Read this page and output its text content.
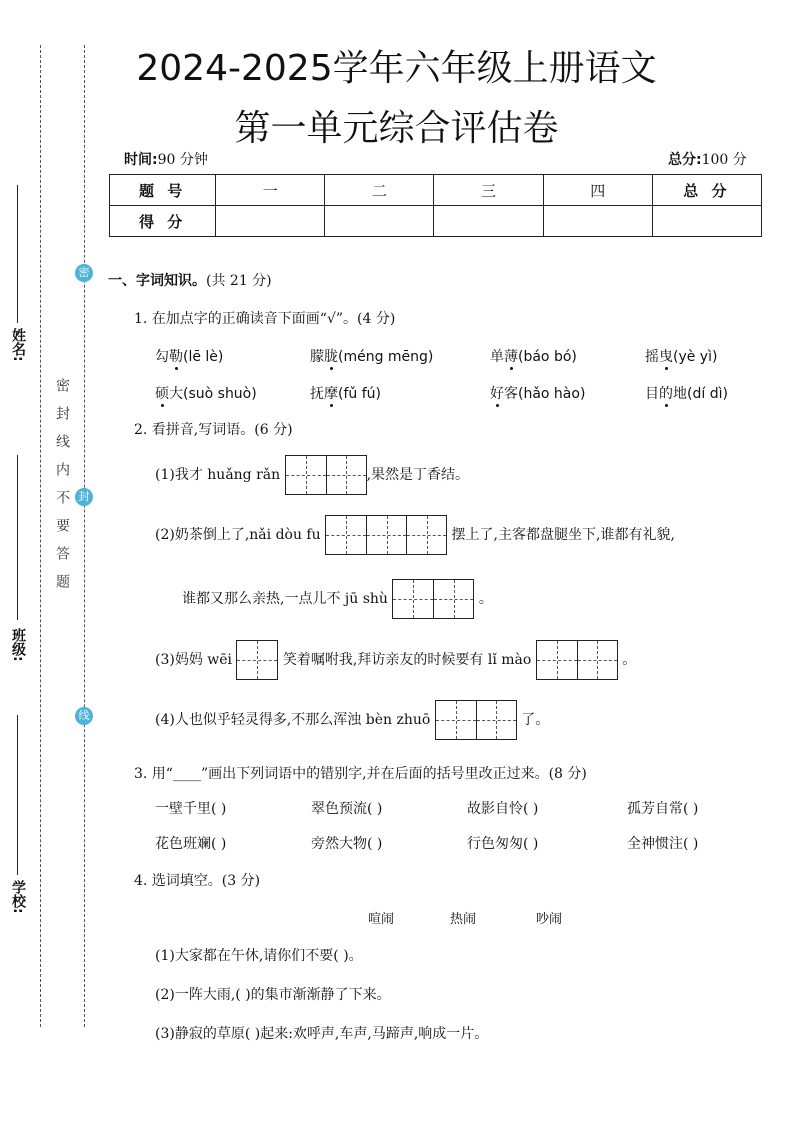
姓名:
班级:
学校:
密封线内不要答题
密
封
线
2024-2025学年六年级上册语文
第一单元综合评估卷
时间:90 分钟	总分:100 分
题 号	一	二	三	四	总 分
得 分					
一、字词知识。(共 21 分)
1. 在加点字的正确读音下面画“√”。(4 分)
勾勒(lē lè)	朦胧(méng mēng)	单薄(báo bó)	摇曳(yè yì)
硕大(suò shuò)	抚摩(fǔ fú)	好客(hǎo hào)	目的地(dí dì)
2. 看拼音,写词语。(6 分)
(1)我才 huǎng rǎn	,果然是丁香结。
(2)奶茶倒上了,nǎi dòu fu	摆上了,主客都盘腿坐下,谁都有礼貌,
谁都又那么亲热,一点儿不 jū shù	。
(3)妈妈 wēi	笑着嘱咐我,拜访亲友的时候要有 lǐ mào	。
(4)人也似乎轻灵得多,不那么浑浊 bèn zhuō	了。
3. 用“____”画出下列词语中的错别字,并在后面的括号里改正过来。(8 分)
一壁千里( )	翠色预流( )	故影自怜( )	孤芳自常( )
花色班斓( )	旁然大物( )	行色匆匆( )	全神惯注( )
4. 选词填空。(3 分)
喧闹	热闹	吵闹
(1)大家都在午休,请你们不要( )。
(2)一阵大雨,( )的集市渐渐静了下来。
(3)静寂的草原( )起来:欢呼声,车声,马蹄声,响成一片。
